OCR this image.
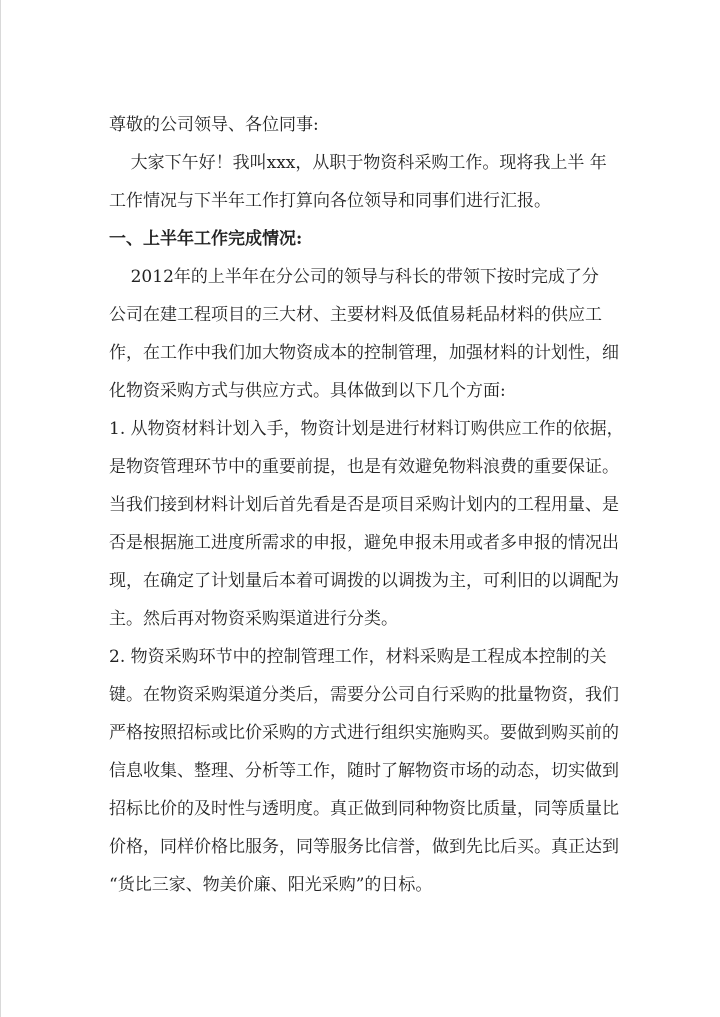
尊敬的公司领导、各位同事:
大家下午好！我叫xxx，从职于物资科采购工作。现将我上半 年
工作情况与下半年工作打算向各位领导和同事们进行汇报。
一、上半年工作完成情况:
2012年的上半年在分公司的领导与科长的带领下按时完成了分
公司在建工程项目的三大材、主要材料及低值易耗品材料的供应工
作，在工作中我们加大物资成本的控制管理，加强材料的计划性，细
化物资采购方式与供应方式。具体做到以下几个方面:
1. 从物资材料计划入手，物资计划是进行材料订购供应工作的依据，
是物资管理环节中的重要前提，也是有效避免物料浪费的重要保证。
当我们接到材料计划后首先看是否是项目采购计划内的工程用量、是
否是根据施工进度所需求的申报，避免申报未用或者多申报的情况出
现，在确定了计划量后本着可调拨的以调拨为主，可利旧的以调配为
主。然后再对物资采购渠道进行分类。
2. 物资采购环节中的控制管理工作，材料采购是工程成本控制的关
键。在物资采购渠道分类后，需要分公司自行采购的批量物资，我们
严格按照招标或比价采购的方式进行组织实施购买。要做到购买前的
信息收集、整理、分析等工作，随时了解物资市场的动态，切实做到
招标比价的及时性与透明度。真正做到同种物资比质量，同等质量比
价格，同样价格比服务，同等服务比信誉，做到先比后买。真正达到
“货比三家、物美价廉、阳光采购”的日标。
